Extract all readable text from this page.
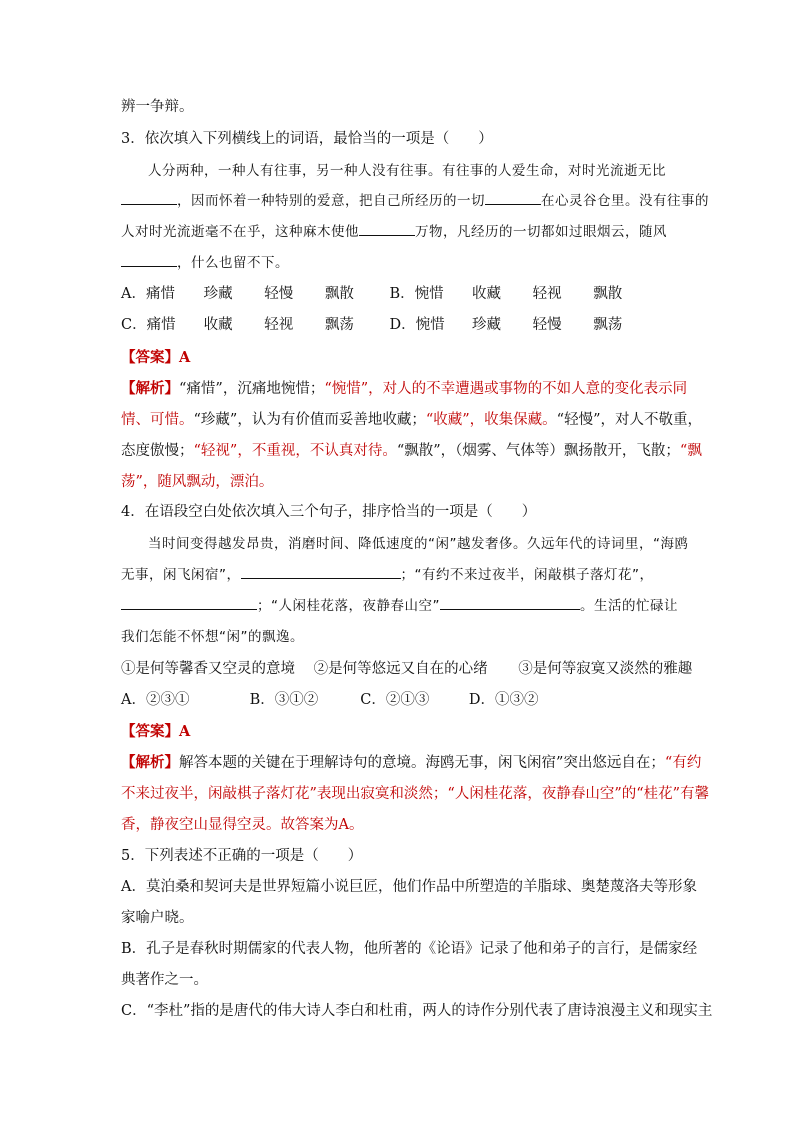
辨一争辩。
3．依次填入下列横线上的词语，最恰当的一项是（　　）
人分两种，一种人有往事，另一种人没有往事。有往事的人爱生命，对时光流逝无比
，因而怀着一种特别的爱意，把自己所经历的一切	在心灵谷仓里。没有往事的
人对时光流逝毫不在乎，这种麻木使他	万物，凡经历的一切都如过眼烟云，随风
，什么也留不下。
A．痛惜 珍藏 轻慢 飘散 B．惋惜 收藏 轻视 飘散
C．痛惜 收藏 轻视 飘荡 D．惋惜 珍藏 轻慢 飘荡
【答案】A
【解析】“痛惜”，沉痛地惋惜；“惋惜”，对人的不幸遭遇或事物的不如人意的变化表示同情、可惜。“珍藏”，认为有价值而妥善地收藏；“收藏”，收集保藏。“轻慢”，对人不敬重，态度傲慢；“轻视”，不重视，不认真对待。“飘散”，（烟雾、气体等）飘扬散开，飞散；“飘荡”，随风飘动，漂泊。
4．在语段空白处依次填入三个句子，排序恰当的一项是（　　）
当时间变得越发昂贵，消磨时间、降低速度的“闲”越发奢侈。久远年代的诗词里，“海鸥
无事，闲飞闲宿”，	；“有约不来过夜半，闲敲棋子落灯花”，
；“人闲桂花落，夜静春山空”	。生活的忙碌让
我们怎能不怀想“闲”的飘逸。
①是何等馨香又空灵的意境 ②是何等悠远又自在的心绪 ③是何等寂寞又淡然的雅趣
A．②③①	B．③①②	C．②①③	D．①③②
【答案】A
【解析】解答本题的关键在于理解诗句的意境。海鸥无事，闲飞闲宿”突出悠远自在；“有约不来过夜半，闲敲棋子落灯花”表现出寂寞和淡然；“人闲桂花落，夜静春山空”的“桂花”有馨香，静夜空山显得空灵。故答案为A。
5．下列表述不正确的一项是（　　）
A．莫泊桑和契诃夫是世界短篇小说巨匠，他们作品中所塑造的羊脂球、奥楚蔑洛夫等形象家喻户晓。
B．孔子是春秋时期儒家的代表人物，他所著的《论语》记录了他和弟子的言行，是儒家经典著作之一。
C．“李杜”指的是唐代的伟大诗人李白和杜甫，两人的诗作分别代表了唐诗浪漫主义和现实主
